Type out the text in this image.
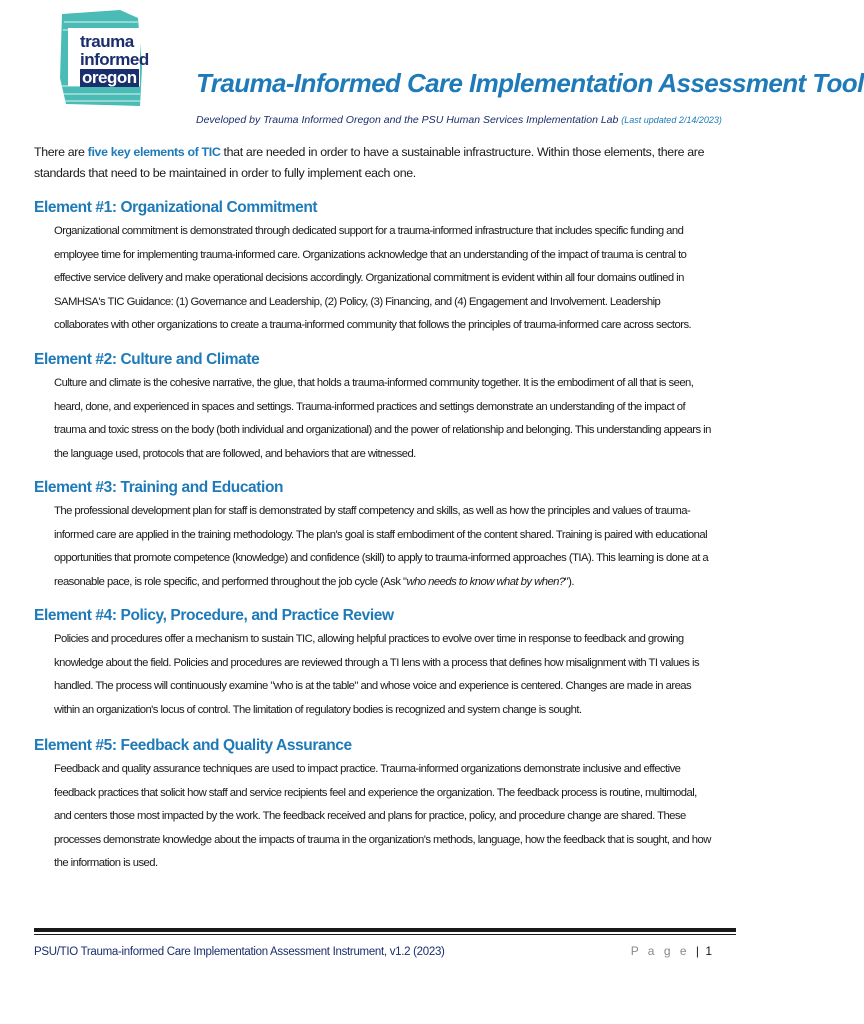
trauma
informed
oregon	Trauma-Informed Care Implementation Assessment Tool
Developed by Trauma Informed Oregon and the PSU Human Services Implementation Lab (Last updated 2/14/2023)
There are five key elements of TIC that are needed in order to have a sustainable infrastructure. Within those elements, there are standards that need to be maintained in order to fully implement each one.
Element #1: Organizational Commitment

Organizational commitment is demonstrated through dedicated support for a trauma-informed infrastructure that includes specific funding and employee time for implementing trauma-informed care. Organizations acknowledge that an understanding of the impact of trauma is central to effective service delivery and make operational decisions accordingly. Organizational commitment is evident within all four domains outlined in SAMHSA's TIC Guidance: (1) Governance and Leadership, (2) Policy, (3) Financing, and (4) Engagement and Involvement. Leadership collaborates with other organizations to create a trauma-informed community that follows the principles of trauma-informed care across sectors.

Element #2: Culture and Climate

Culture and climate is the cohesive narrative, the glue, that holds a trauma-informed community together. It is the embodiment of all that is seen, heard, done, and experienced in spaces and settings. Trauma-informed practices and settings demonstrate an understanding of the impact of trauma and toxic stress on the body (both individual and organizational) and the power of relationship and belonging. This understanding appears in the language used, protocols that are followed, and behaviors that are witnessed.

Element #3: Training and Education

The professional development plan for staff is demonstrated by staff competency and skills, as well as how the principles and values of trauma-informed care are applied in the training methodology. The plan's goal is staff embodiment of the content shared. Training is paired with educational opportunities that promote competence (knowledge) and confidence (skill) to apply to trauma-informed approaches (TIA). This learning is done at a reasonable pace, is role specific, and performed throughout the job cycle (Ask "who needs to know what by when?").

Element #4: Policy, Procedure, and Practice Review

Policies and procedures offer a mechanism to sustain TIC, allowing helpful practices to evolve over time in response to feedback and growing knowledge about the field. Policies and procedures are reviewed through a TI lens with a process that defines how misalignment with TI values is handled. The process will continuously examine "who is at the table" and whose voice and experience is centered. Changes are made in areas within an organization's locus of control. The limitation of regulatory bodies is recognized and system change is sought.

Element #5: Feedback and Quality Assurance

Feedback and quality assurance techniques are used to impact practice. Trauma-informed organizations demonstrate inclusive and effective feedback practices that solicit how staff and service recipients feel and experience the organization. The feedback process is routine, multimodal, and centers those most impacted by the work. The feedback received and plans for practice, policy, and procedure change are shared. These processes demonstrate knowledge about the impacts of trauma in the organization's methods, language, how the feedback that is sought, and how the information is used.

PSU/TIO Trauma-informed Care Implementation Assessment Instrument, v1.2 (2023)	P a g e | 1
